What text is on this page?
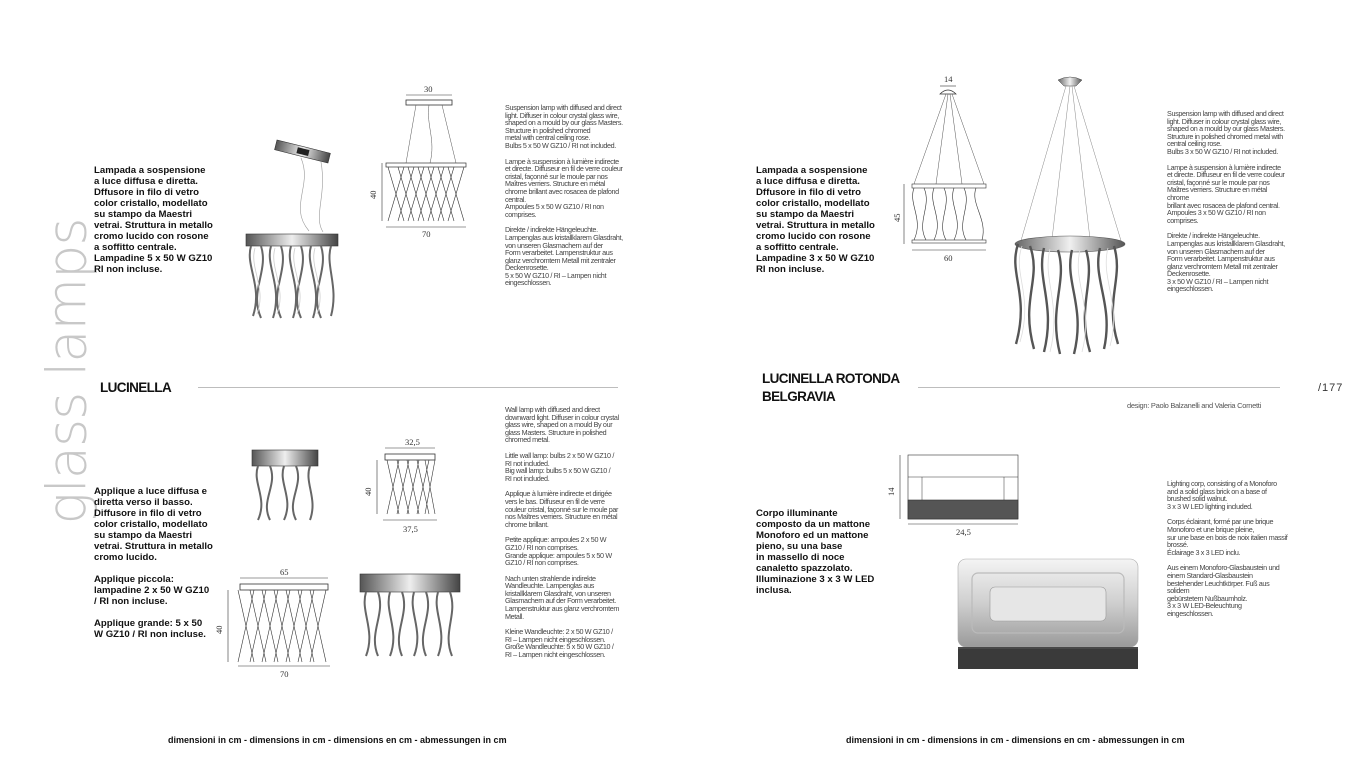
glass lamps

Lampada a sospensione
a luce diffusa e diretta.
Dffusore in filo di vetro
color cristallo, modellato
su stampo da Maestri
vetrai. Struttura in metallo
cromo lucido con rosone
a soffitto centrale.
Lampadine 5 x 50 W GZ10
RI non incluse.

30
40
70

Suspension lamp with diffused and direct
light. Diffuser in colour crystal glass wire,
shaped on a mould by our glass Masters.
Structure in polished chromed
metal with central ceiling rose.
Bulbs 5 x 50 W GZ10 / RI not included.

Lampe à suspension à lumière indirecte
et directe. Diffuseur en fil de verre couleur
cristal, façonné sur le moule par nos
Maîtres verriers. Structure en métal
chrome brillant avec rosacea de plafond
central.
Ampoules 5 x 50 W GZ10 / RI non
comprises.

Direkte / indirekte Hängeleuchte.
Lampenglas aus kristallklarem Glasdraht,
von unseren Glasmachern auf der
Form verarbeitet. Lampenstruktur aus
glanz verchromtem Metall mit zentraler
Deckenrosette.
5 x 50 W GZ10 / RI – Lampen nicht
eingeschlossen.

LUCINELLA

Applique a luce diffusa e
diretta verso il basso.
Diffusore in filo di vetro
color cristallo, modellato
su stampo da Maestri
vetrai. Struttura in metallo
cromo lucido.

Applique piccola:
lampadine 2 x 50 W GZ10
/ RI non incluse.

Applique grande: 5 x 50
W GZ10 / RI non incluse.

32,5
40
37,5
65
40
70

Wall lamp with diffused and direct
downward light. Diffuser in colour crystal
glass wire, shaped on a mould By our
glass Masters. Structure in polished
chromed metal.

Little wall lamp: bulbs 2 x 50 W GZ10 /
RI not included.
Big wall lamp: bulbs 5 x 50 W GZ10 /
RI not included.

Applique à lumière indirecte et dirigée
vers le bas. Diffuseur en fil de verre
couleur cristal, façonné sur le moule par
nos Maîtres verriers. Structure en métal
chrome brillant.

Petite applique: ampoules 2 x 50 W
GZ10 / RI non comprises.
Grande applique: ampoules 5 x 50 W
GZ10 / RI non comprises.

Nach unten strahlende indirekte
Wandleuchte. Lampenglas aus
kristallklarem Glasdraht, von unseren
Glasmachern auf der Form verarbeitet.
Lampenstruktur aus glanz verchromtem
Metall.

Kleine Wandleuchte: 2 x 50 W GZ10 /
RI – Lampen nicht eingeschlossen.
Große Wandleuchte: 5 x 50 W GZ10 /
RI – Lampen nicht eingeschlossen.

dimensioni in cm - dimensions in cm - dimensions en cm - abmessungen in cm

Lampada a sospensione
a luce diffusa e diretta.
Dffusore in filo di vetro
color cristallo, modellato
su stampo da Maestri
vetrai. Struttura in metallo
cromo lucido con rosone
a soffitto centrale.
Lampadine 3 x 50 W GZ10
RI non incluse.

14
45
60

Suspension lamp with diffused and direct
light. Diffuser in colour crystal glass wire,
shaped on a mould by our glass Masters.
Structure in polished chromed metal with
central ceiling rose.
Bulbs 3 x 50 W GZ10 / RI not included.

Lampe à suspension à lumière indirecte
et directe. Diffuseur en fil de verre couleur
cristal, façonné sur le moule par nos
Maîtres verriers. Structure en métal chrome
brillant avec rosacea de plafond central.
Ampoules 3 x 50 W GZ10 / RI non
comprises.

Direkte / indirekte Hängeleuchte.
Lampenglas aus kristallklarem Glasdraht,
von unseren Glasmachern auf der
Form verarbeitet. Lampenstruktur aus
glanz verchromtem Metall mit zentraler
Deckenrosette.
3 x 50 W GZ10 / RI – Lampen nicht
eingeschlossen.

LUCINELLA ROTONDA
BELGRAVIA
design: Paolo Balzanelli and Valeria Cornetti
/177

Corpo illuminante
composto da un mattone
Monoforo ed un mattone
pieno, su una base
in massello di noce
canaletto spazzolato.
Illuminazione 3 x 3 W LED
inclusa.

14
24,5

Lighting corp, consisting of a Monoforo
and a solid glass brick on a base of
brushed solid walnut.
3 x 3 W LED lighting included.

Corps éclairant, formé par une brique
Monoforo et une brique pleine,
sur une base en bois de noix italien massif
brossé.
Éclairage 3 x 3 LED inclu.

Aus einem Monoforo-Glasbaustein und
einem Standard-Glasbaustein
bestehender Leuchtkörper. Fuß aus solidem
gebürstetem Nußbaumholz.
3 x 3 W LED-Beleuchtung eingeschlossen.

dimensioni in cm - dimensions in cm - dimensions en cm - abmessungen in cm
